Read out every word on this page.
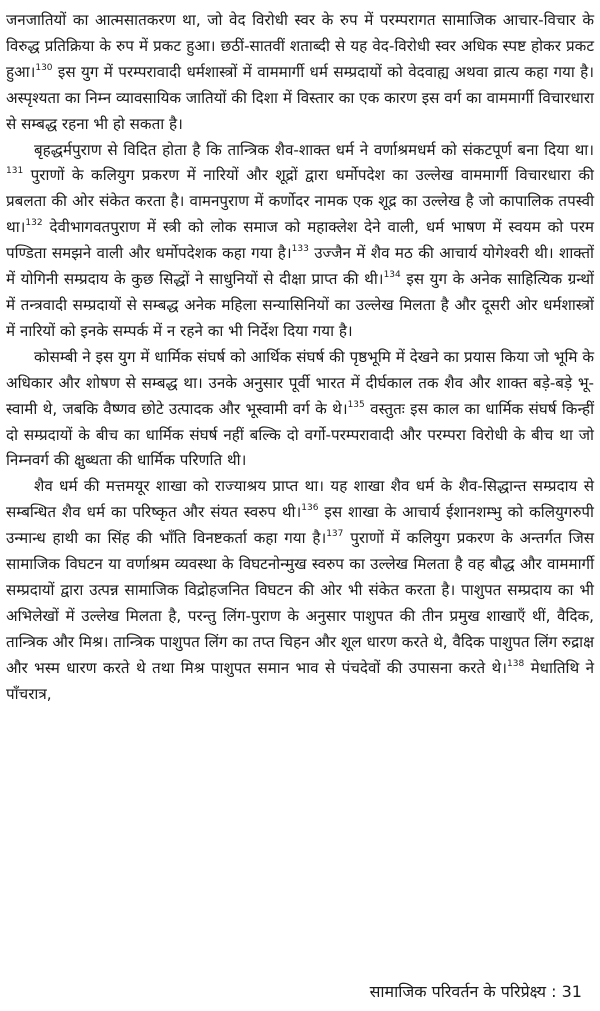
जनजातियों का आत्मसातकरण था, जो वेद विरोधी स्वर के रुप में परम्परागत सामाजिक आचार-विचार के विरुद्ध प्रतिक्रिया के रुप में प्रकट हुआ। छठीं-सातवीं शताब्दी से यह वेद-विरोधी स्वर अधिक स्पष्ट होकर प्रकट हुआ।$^{130}$ इस युग में परम्परावादी धर्मशास्त्रों में वाममार्गी धर्म सम्प्रदायों को वेदवाह्य अथवा व्रात्य कहा गया है। अस्पृश्यता का निम्न व्यावसायिक जातियों की दिशा में विस्तार का एक कारण इस वर्ग का वाममार्गी विचारधारा से सम्बद्ध रहना भी हो सकता है।

बृहद्धर्मपुराण से विदित होता है कि तान्त्रिक शैव-शाक्त धर्म ने वर्णाश्रमधर्म को संकटपूर्ण बना दिया था।$^{131}$ पुराणों के कलियुग प्रकरण में नारियों और शूद्रों द्वारा धर्मोपदेश का उल्लेख वाममार्गी विचारधारा की प्रबलता की ओर संकेत करता है। वामनपुराण में कर्णोदर नामक एक शूद्र का उल्लेख है जो कापालिक तपस्वी था।$^{132}$ देवीभागवतपुराण में स्त्री को लोक समाज को महाक्लेश देने वाली, धर्म भाषण में स्वयम को परम पण्डिता समझने वाली और धर्मोपदेशक कहा गया है।$^{133}$ उज्जैन में शैव मठ की आचार्य योगेश्वरी थी। शाक्तों में योगिनी सम्प्रदाय के कुछ सिद्धों ने साधुनियों से दीक्षा प्राप्त की थी।$^{134}$ इस युग के अनेक साहित्यिक ग्रन्थों में तन्त्रवादी सम्प्रदायों से सम्बद्ध अनेक महिला सन्यासिनियों का उल्लेख मिलता है और दूसरी ओर धर्मशास्त्रों में नारियों को इनके सम्पर्क में न रहने का भी निर्देश दिया गया है।

कोसम्बी ने इस युग में धार्मिक संघर्ष को आर्थिक संघर्ष की पृष्ठभूमि में देखने का प्रयास किया जो भूमि के अधिकार और शोषण से सम्बद्ध था। उनके अनुसार पूर्वी भारत में दीर्घकाल तक शैव और शाक्त बड़े-बड़े भू-स्वामी थे, जबकि वैष्णव छोटे उत्पादक और भूस्वामी वर्ग के थे।$^{135}$ वस्तुतः इस काल का धार्मिक संघर्ष किन्हीं दो सम्प्रदायों के बीच का धार्मिक संघर्ष नहीं बल्कि दो वर्गो-परम्परावादी और परम्परा विरोधी के बीच था जो निम्नवर्ग की क्षुब्धता की धार्मिक परिणति थी।

शैव धर्म की मत्तमयूर शाखा को राज्याश्रय प्राप्त था। यह शाखा शैव धर्म के शैव-सिद्धान्त सम्प्रदाय से सम्बन्धित शैव धर्म का परिष्कृत और संयत स्वरुप थी।$^{136}$ इस शाखा के आचार्य ईशानशम्भु को कलियुगरुपी उन्मान्ध हाथी का सिंह की भाँति विनष्टकर्ता कहा गया है।$^{137}$ पुराणों में कलियुग प्रकरण के अन्तर्गत जिस सामाजिक विघटन या वर्णाश्रम व्यवस्था के विघटनोन्मुख स्वरुप का उल्लेख मिलता है वह बौद्ध और वाममार्गी सम्प्रदायों द्वारा उत्पन्न सामाजिक विद्रोहजनित विघटन की ओर भी संकेत करता है। पाशुपत सम्प्रदाय का भी अभिलेखों में उल्लेख मिलता है, परन्तु लिंग-पुराण के अनुसार पाशुपत की तीन प्रमुख शाखाएँ थीं, वैदिक, तान्त्रिक और मिश्र। तान्त्रिक पाशुपत लिंग का तप्त चिहन और शूल धारण करते थे, वैदिक पाशुपत लिंग रुद्राक्ष और भस्म धारण करते थे तथा मिश्र पाशुपत समान भाव से पंचदेवों की उपासना करते थे।$^{138}$ मेधातिथि ने पाँचरात्र,

सामाजिक परिवर्तन के परिप्रेक्ष्य : 31
